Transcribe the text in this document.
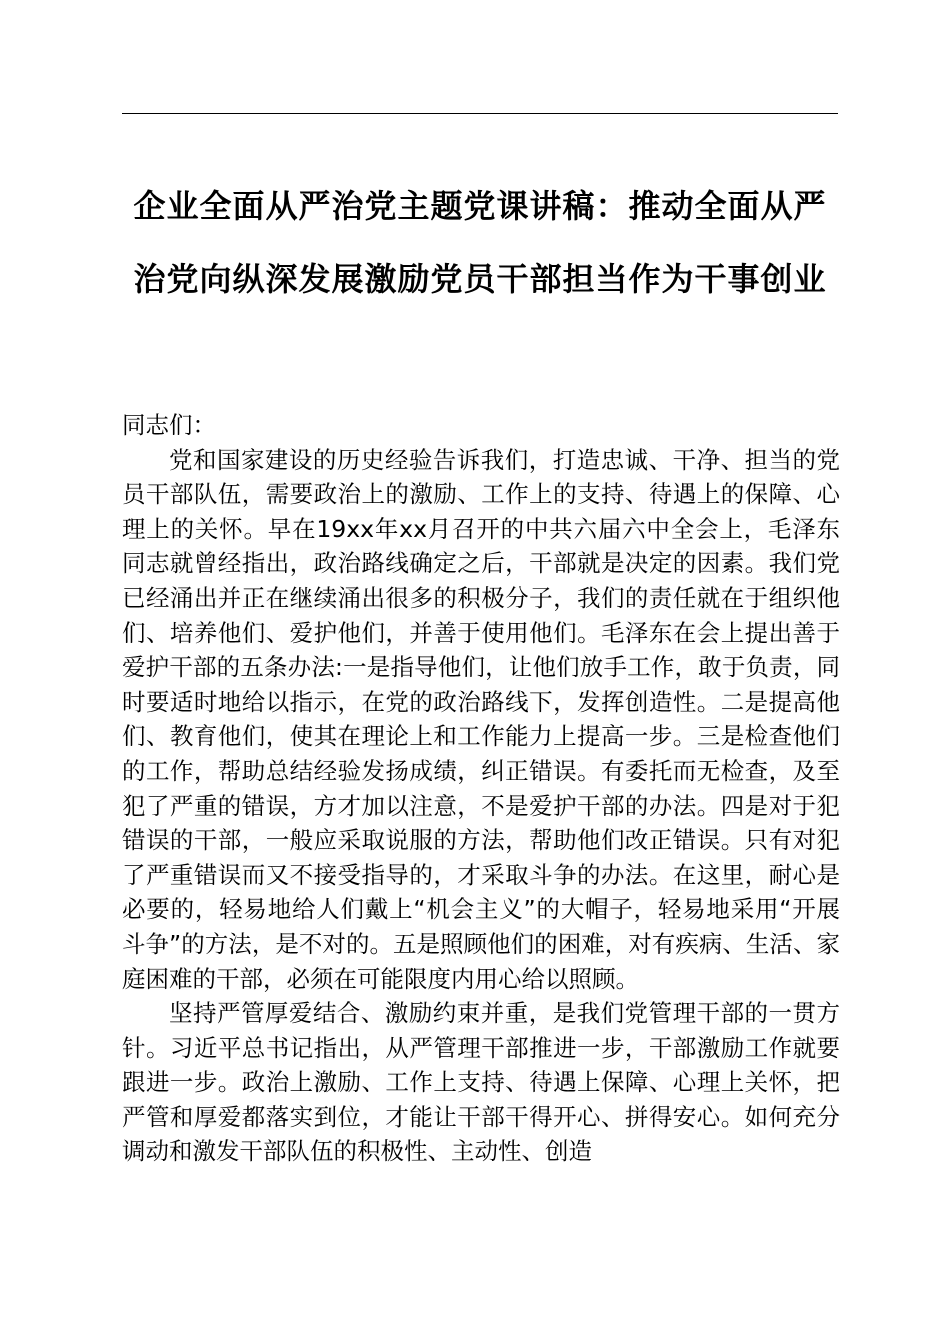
企业全面从严治党主题党课讲稿：推动全面从严治党向纵深发展激励党员干部担当作为干事创业

同志们：

党和国家建设的历史经验告诉我们，打造忠诚、干净、担当的党员干部队伍，需要政治上的激励、工作上的支持、待遇上的保障、心理上的关怀。早在19xx年xx月召开的中共六届六中全会上，毛泽东同志就曾经指出，政治路线确定之后，干部就是决定的因素。我们党已经涌出并正在继续涌出很多的积极分子，我们的责任就在于组织他们、培养他们、爱护他们，并善于使用他们。毛泽东在会上提出善于爱护干部的五条办法:一是指导他们，让他们放手工作，敢于负责，同时要适时地给以指示，在党的政治路线下，发挥创造性。二是提高他们、教育他们，使其在理论上和工作能力上提高一步。三是检查他们的工作，帮助总结经验发扬成绩，纠正错误。有委托而无检查，及至犯了严重的错误，方才加以注意，不是爱护干部的办法。四是对于犯错误的干部，一般应采取说服的方法，帮助他们改正错误。只有对犯了严重错误而又不接受指导的，才采取斗争的办法。在这里，耐心是必要的，轻易地给人们戴上“机会主义”的大帽子，轻易地采用“开展斗争”的方法，是不对的。五是照顾他们的困难，对有疾病、生活、家庭困难的干部，必须在可能限度内用心给以照顾。

坚持严管厚爱结合、激励约束并重，是我们党管理干部的一贯方针。习近平总书记指出，从严管理干部推进一步，干部激励工作就要跟进一步。政治上激励、工作上支持、待遇上保障、心理上关怀，把严管和厚爱都落实到位，才能让干部干得开心、拼得安心。如何充分调动和激发干部队伍的积极性、主动性、创造
